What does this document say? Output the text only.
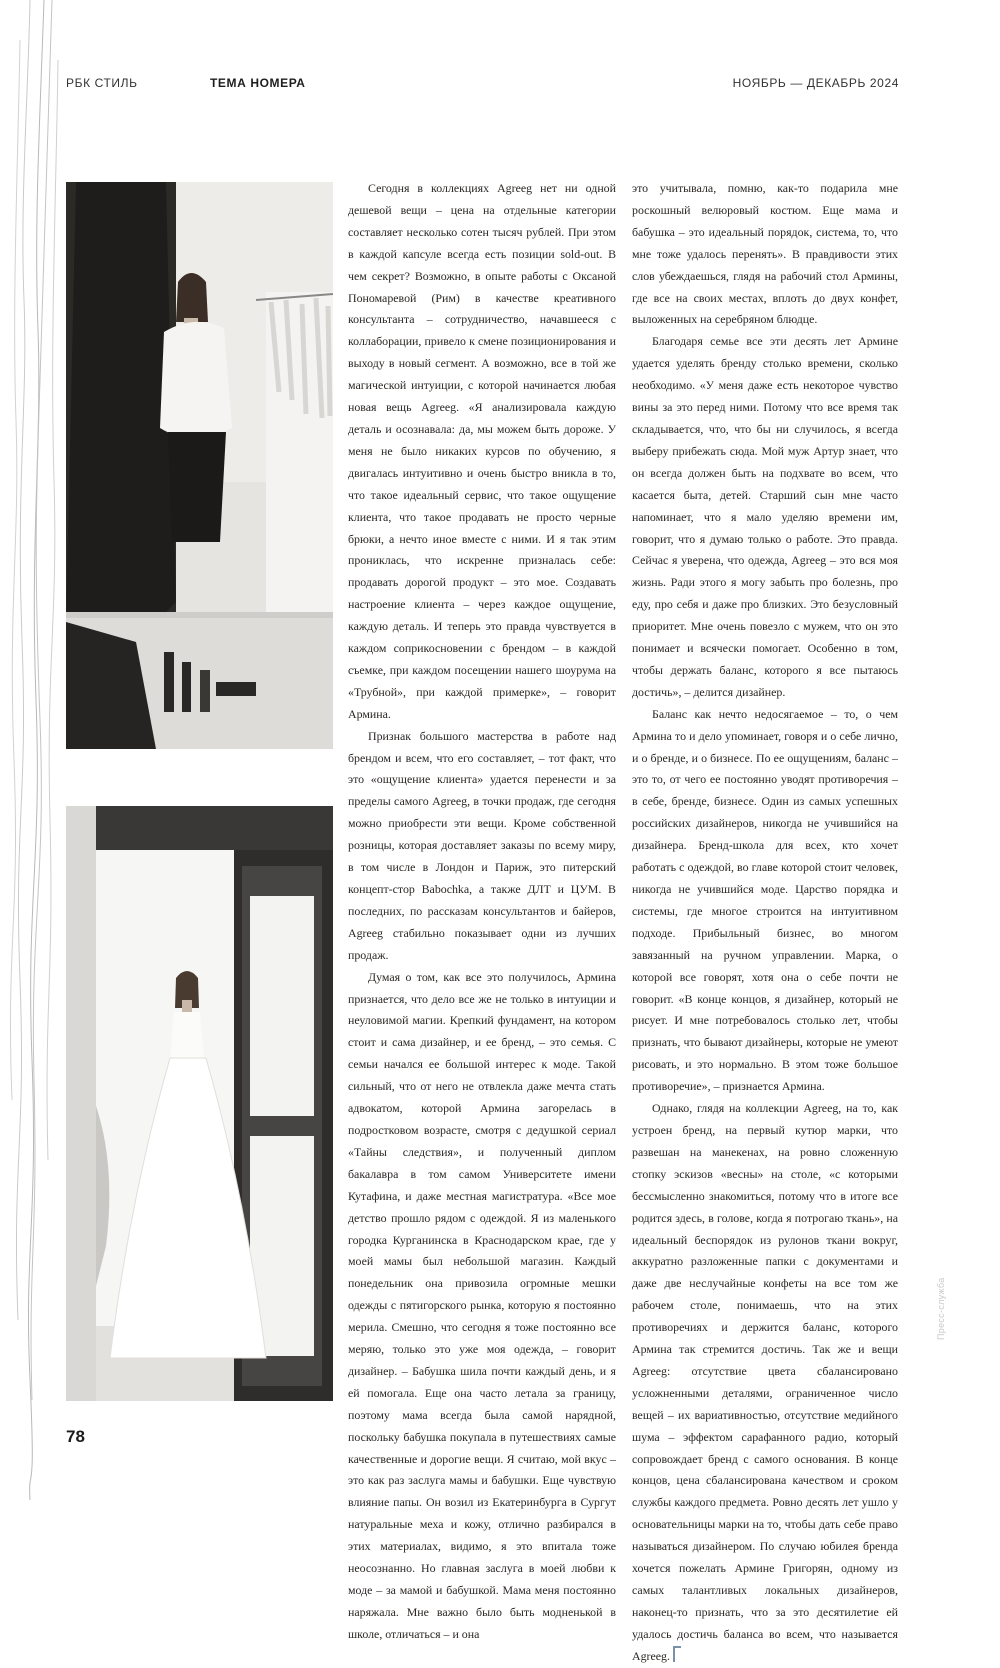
РБК СТИЛЬ	ТЕМА НОМЕРА	НОЯБРЬ — ДЕКАБРЬ 2024

Сегодня в коллекциях Agreeg нет ни одной дешевой вещи – цена на отдельные категории составляет несколько сотен тысяч рублей. При этом в каждой капсуле всегда есть позиции sold-out. В чем секрет? Возможно, в опыте работы с Оксаной Пономаревой (Рим) в качестве креативного консультанта – сотрудничество, начавшееся с коллаборации, привело к смене позиционирования и выходу в новый сегмент. А возможно, все в той же магической интуиции, с которой начинается любая новая вещь Agreeg. «Я анализировала каждую деталь и осознавала: да, мы можем быть дороже. У меня не было никаких курсов по обучению, я двигалась интуитивно и очень быстро вникла в то, что такое идеальный сервис, что такое ощущение клиента, что такое продавать не просто черные брюки, а нечто иное вместе с ними. И я так этим прониклась, что искренне призналась себе: продавать дорогой продукт – это мое. Создавать настроение клиента – через каждое ощущение, каждую деталь. И теперь это правда чувствуется в каждом соприкосновении с брендом – в каждой съемке, при каждом посещении нашего шоурума на «Трубной», при каждой примерке», – говорит Армина.

Признак большого мастерства в работе над брендом и всем, что его составляет, – тот факт, что это «ощущение клиента» удается перенести и за пределы самого Agreeg, в точки продаж, где сегодня можно приобрести эти вещи. Кроме собственной розницы, которая доставляет заказы по всему миру, в том числе в Лондон и Париж, это питерский концепт-стор Babochka, а также ДЛТ и ЦУМ. В последних, по рассказам консультантов и байеров, Agreeg стабильно показывает одни из лучших продаж.

Думая о том, как все это получилось, Армина признается, что дело все же не только в интуиции и неуловимой магии. Крепкий фундамент, на котором стоит и сама дизайнер, и ее бренд, – это семья. С семьи начался ее большой интерес к моде. Такой сильный, что от него не отвлекла даже мечта стать адвокатом, которой Армина загорелась в подростковом возрасте, смотря с дедушкой сериал «Тайны следствия», и полученный диплом бакалавра в том самом Университете имени Кутафина, и даже местная магистратура. «Все мое детство прошло рядом с одеждой. Я из маленького городка Курганинска в Краснодарском крае, где у моей мамы был небольшой магазин. Каждый понедельник она привозила огромные мешки одежды с пятигорского рынка, которую я постоянно мерила. Смешно, что сегодня я тоже постоянно все меряю, только это уже моя одежда, – говорит дизайнер. – Бабушка шила почти каждый день, и я ей помогала. Еще она часто летала за границу, поэтому мама всегда была самой нарядной, поскольку бабушка покупала в путешествиях самые качественные и дорогие вещи. Я считаю, мой вкус – это как раз заслуга мамы и бабушки. Еще чувствую влияние папы. Он возил из Екатеринбурга в Сургут натуральные меха и кожу, отлично разбирался в этих материалах, видимо, я это впитала тоже неосознанно. Но главная заслуга в моей любви к моде – за мамой и бабушкой. Мама меня постоянно наряжала. Мне важно было быть модненькой в школе, отличаться – и она

это учитывала, помню, как-то подарила мне роскошный велюровый костюм. Еще мама и бабушка – это идеальный порядок, система, то, что мне тоже удалось перенять». В правдивости этих слов убеждаешься, глядя на рабочий стол Армины, где все на своих местах, вплоть до двух конфет, выложенных на серебряном блюдце.

Благодаря семье все эти десять лет Армине удается уделять бренду столько времени, сколько необходимо. «У меня даже есть некоторое чувство вины за это перед ними. Потому что все время так складывается, что, что бы ни случилось, я всегда выберу прибежать сюда. Мой муж Артур знает, что он всегда должен быть на подхвате во всем, что касается быта, детей. Старший сын мне часто напоминает, что я мало уделяю времени им, говорит, что я думаю только о работе. Это правда. Сейчас я уверена, что одежда, Agreeg – это вся моя жизнь. Ради этого я могу забыть про болезнь, про еду, про себя и даже про близких. Это безусловный приоритет. Мне очень повезло с мужем, что он это понимает и всячески помогает. Особенно в том, чтобы держать баланс, которого я все пытаюсь достичь», – делится дизайнер.

Баланс как нечто недосягаемое – то, о чем Армина то и дело упоминает, говоря и о себе лично, и о бренде, и о бизнесе. По ее ощущениям, баланс – это то, от чего ее постоянно уводят противоречия – в себе, бренде, бизнесе. Один из самых успешных российских дизайнеров, никогда не учившийся на дизайнера. Бренд-школа для всех, кто хочет работать с одеждой, во главе которой стоит человек, никогда не учившийся моде. Царство порядка и системы, где многое строится на интуитивном подходе. Прибыльный бизнес, во многом завязанный на ручном управлении. Марка, о которой все говорят, хотя она о себе почти не говорит. «В конце концов, я дизайнер, который не рисует. И мне потребовалось столько лет, чтобы признать, что бывают дизайнеры, которые не умеют рисовать, и это нормально. В этом тоже большое противоречие», – признается Армина.

Однако, глядя на коллекции Agreeg, на то, как устроен бренд, на первый кутюр марки, что развешан на манекенах, на ровно сложенную стопку эскизов «весны» на столе, «с которыми бессмысленно знакомиться, потому что в итоге все родится здесь, в голове, когда я потрогаю ткань», на идеальный беспорядок из рулонов ткани вокруг, аккуратно разложенные папки с документами и даже две неслучайные конфеты на все том же рабочем столе, понимаешь, что на этих противоречиях и держится баланс, которого Армина так стремится достичь. Так же и вещи Agreeg: отсутствие цвета сбалансировано усложненными деталями, ограниченное число вещей – их вариативностью, отсутствие медийного шума – эффектом сарафанного радио, который сопровождает бренд с самого основания. В конце концов, цена сбалансирована качеством и сроком службы каждого предмета. Ровно десять лет ушло у основательницы марки на то, чтобы дать себе право называться дизайнером. По случаю юбилея бренда хочется пожелать Армине Григорян, одному из самых талантливых локальных дизайнеров, наконец-то признать, что за это десятилетие ей удалось достичь баланса во всем, что называется Agreeg.

78
Пресс-служба
